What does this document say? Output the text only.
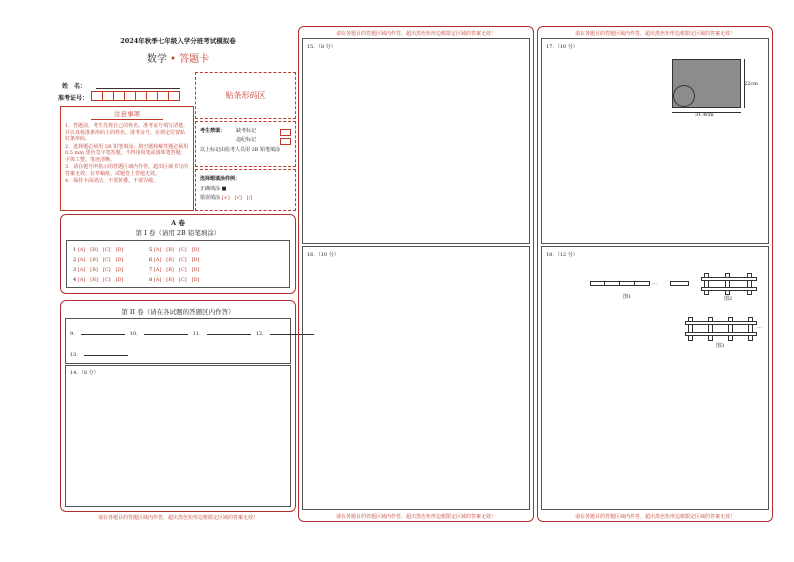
2024年秋季七年级入学分班考试模拟卷
数学 • 答题卡
姓　名：
准考证号：	贴条形码区
注意事项
1．答题前，考生先将自己的姓名、准考证号填写清楚，并认真核准条形码上的姓名、准考证号，在规定位置贴好条形码。
2．选择题必须用 2B 铅笔填涂；填空题和解答题必须用 0.5 mm 黑色签字笔答题，不得用铅笔或圆珠笔答题；字体工整、笔迹清晰。
3．请在题号所指示的答题区域内作答，超出区域书写的答案无效；在草稿纸、试题卷上答题无效。
4．保持卡面清洁，不要折叠、不要弄破。
考生禁填： 缺考标记
违纪标记
以上标记由监考人员用 2B 铅笔填涂
选择题填涂样例：
正确填涂 ■
错误填涂 [×]　[√]　[/]
A 卷
第 I 卷（请用 2B 铅笔填涂）
1 [A]　[B]　[C]　[D]
2 [A]　[B]　[C]　[D]
3 [A]　[B]　[C]　[D]
4 [A]　[B]　[C]　[D]
5 [A]　[B]　[C]　[D]
6 [A]　[B]　[C]　[D]
7 [A]　[B]　[C]　[D]
8 [A]　[B]　[C]　[D]
第 II 卷（请在各试题的答题区内作答）
9．	10．	11．	12．
13．
14．（8 分）
请在各题目的答题区域内作答，超出黑色矩形边框限定区域的答案无效！
请在各题目的答题区域内作答，超出黑色矩形边框限定区域的答案无效！
15．（8 分）
16．（10 分）
请在各题目的答题区域内作答，超出黑色矩形边框限定区域的答案无效！
请在各题目的答题区域内作答，超出黑色矩形边框限定区域的答案无效！
17．（10 分）
22cm
31.4cm
18．（12 分）
…
图1	图2
…
图3
请在各题目的答题区域内作答，超出黑色矩形边框限定区域的答案无效！
